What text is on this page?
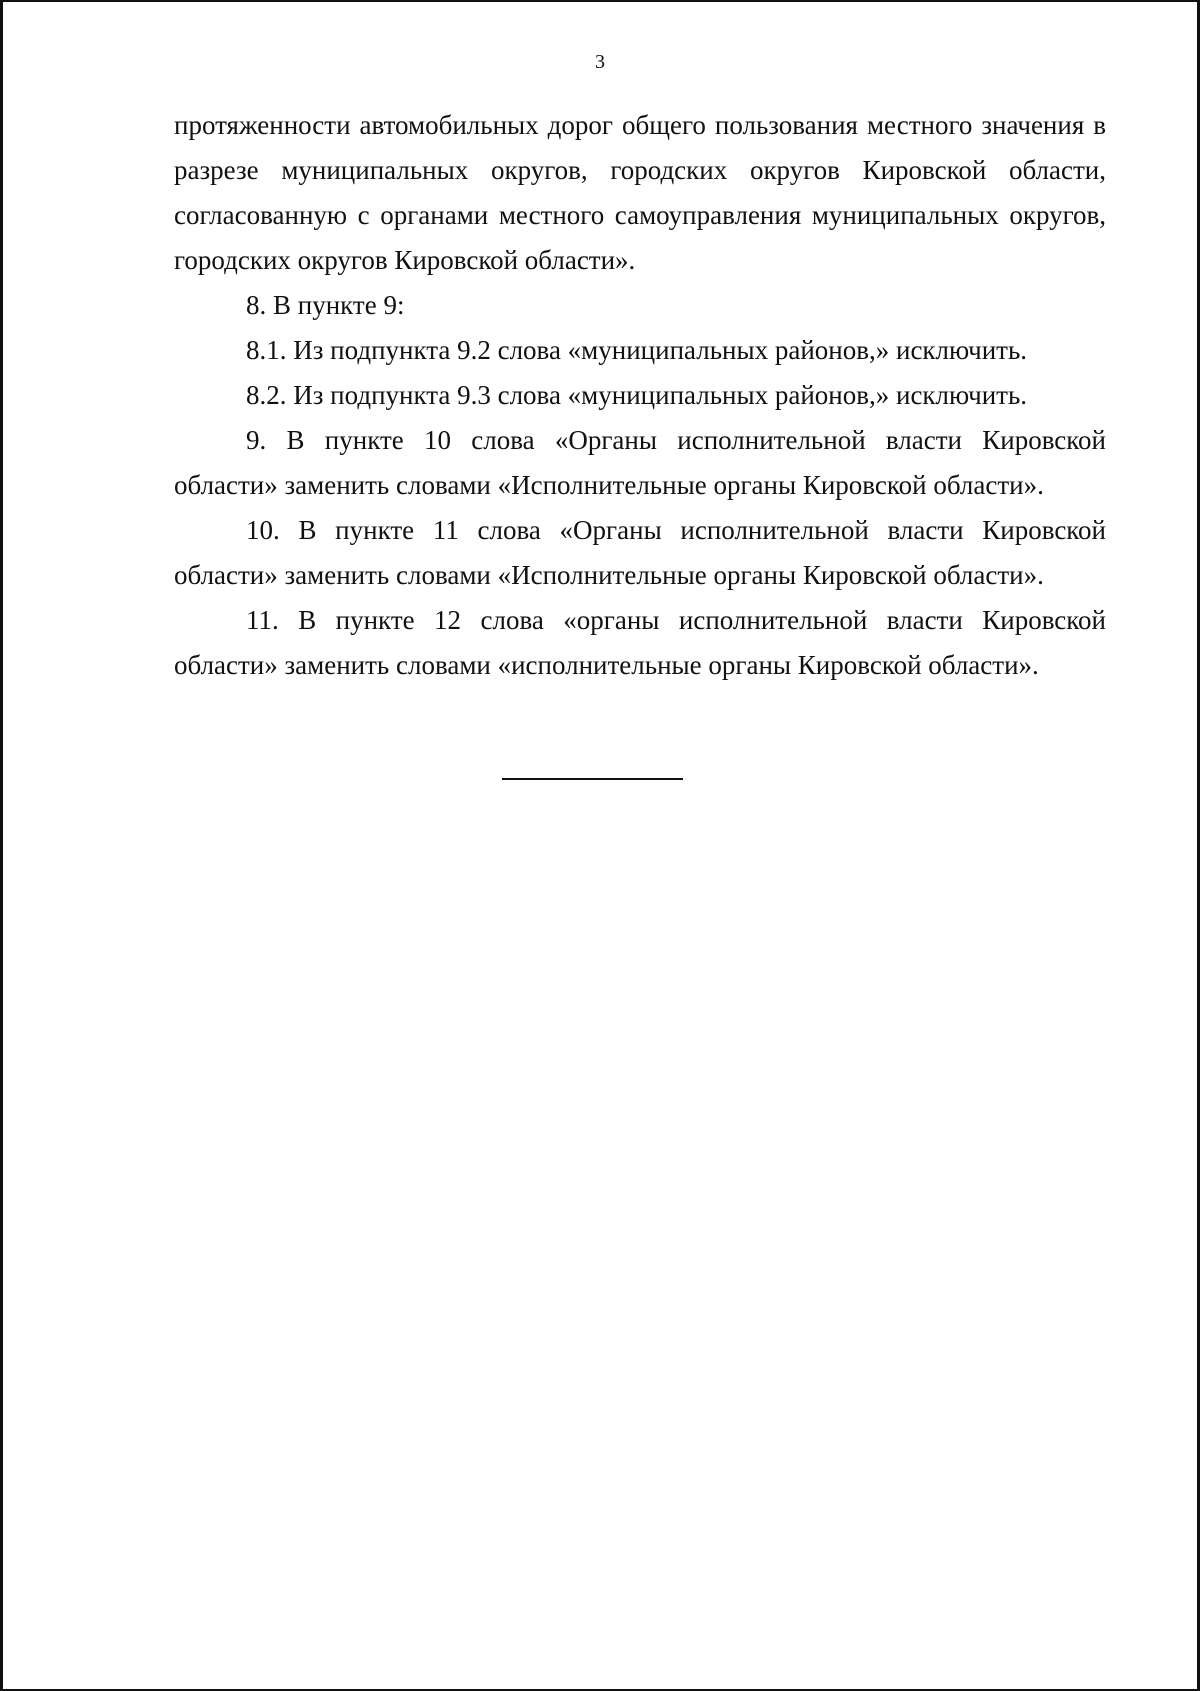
3

протяженности автомобильных дорог общего пользования местного значения в разрезе муниципальных округов, городских округов Кировской области, согласованную с органами местного самоуправления муниципальных округов, городских округов Кировской области».

8. В пункте 9:

8.1. Из подпункта 9.2 слова «муниципальных районов,» исключить.

8.2. Из подпункта 9.3 слова «муниципальных районов,» исключить.

9. В пункте 10 слова «Органы исполнительной власти Кировской области» заменить словами «Исполнительные органы Кировской области».

10. В пункте 11 слова «Органы исполнительной власти Кировской области» заменить словами «Исполнительные органы Кировской области».

11. В пункте 12 слова «органы исполнительной власти Кировской области» заменить словами «исполнительные органы Кировской области».
